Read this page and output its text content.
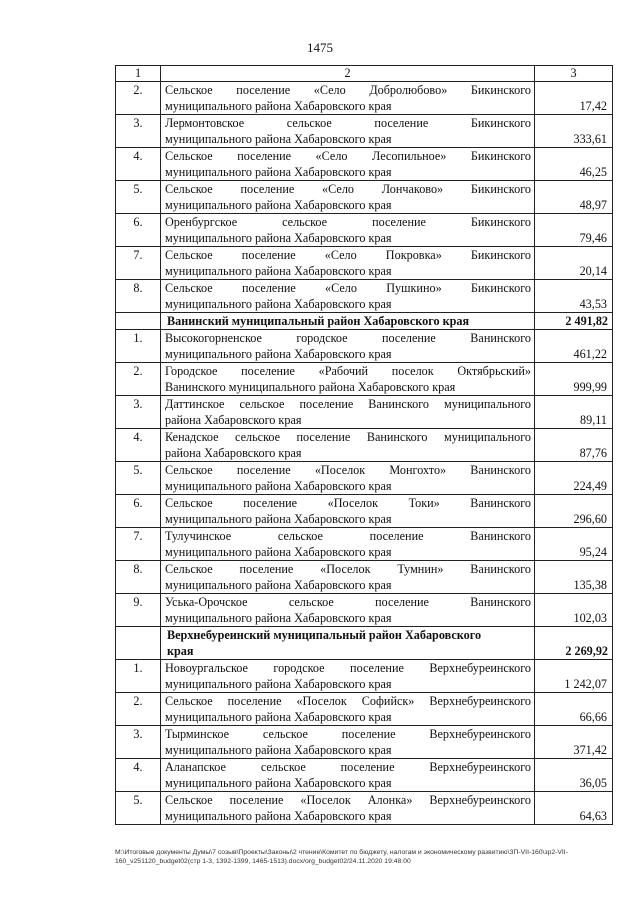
1475
1	2	3

2.	Сельское поселение «Село Добролюбово» Бикинского
муниципального района Хабаровского края	17,42

3.	Лермонтовское сельское поселение Бикинского
муниципального района Хабаровского края	333,61

4.	Сельское поселение «Село Лесопильное» Бикинского
муниципального района Хабаровского края	46,25

5.	Сельское поселение «Село Лончаково» Бикинского
муниципального района Хабаровского края	48,97

6.	Оренбургское сельское поселение Бикинского
муниципального района Хабаровского края	79,46

7.	Сельское поселение «Село Покровка» Бикинского
муниципального района Хабаровского края	20,14

8.	Сельское поселение «Село Пушкино» Бикинского
муниципального района Хабаровского края	43,53

	Ванинский муниципальный район Хабаровского края	2 491,82

1.	Высокогорненское городское поселение Ванинского
муниципального района Хабаровского края	461,22

2.	Городское поселение «Рабочий поселок Октябрьский»
Ванинского муниципального района Хабаровского края	999,99

3.	Даттинское сельское поселение Ванинского муниципального
района Хабаровского края	89,11

4.	Кенадское сельское поселение Ванинского муниципального
района Хабаровского края	87,76

5.	Сельское поселение «Поселок Монгохто» Ванинского
муниципального района Хабаровского края	224,49

6.	Сельское поселение «Поселок Токи» Ванинского
муниципального района Хабаровского края	296,60

7.	Тулучинское сельское поселение Ванинского
муниципального района Хабаровского края	95,24

8.	Сельское поселение «Поселок Тумнин» Ванинского
муниципального района Хабаровского края	135,38

9.	Уська-Орочское сельское поселение Ванинского
муниципального района Хабаровского края	102,03

	Верхнебуреинский муниципальный район Хабаровского
края	2 269,92

1.	Новоургальское городское поселение Верхнебуреинского
муниципального района Хабаровского края	1 242,07

2.	Сельское поселение «Поселок Софийск» Верхнебуреинского
муниципального района Хабаровского края	66,66

3.	Тырминское сельское поселение Верхнебуреинского
муниципального района Хабаровского края	371,42

4.	Аланапское сельское поселение Верхнебуреинского
муниципального района Хабаровского края	36,05

5.	Сельское поселение «Поселок Алонка» Верхнебуреинского
муниципального района Хабаровского края	64,63
M:\Итоговые документы Думы\7 созыв\Проекты\Законы\2 чтение\Комитет по бюджету, налогам и экономическому развитию\ЗП-VII-160\зр2-VII-160_v251120_budget02(стр 1-3, 1392-1399, 1465-1513).docx/org_budget02/24.11.2020 19:48:00
